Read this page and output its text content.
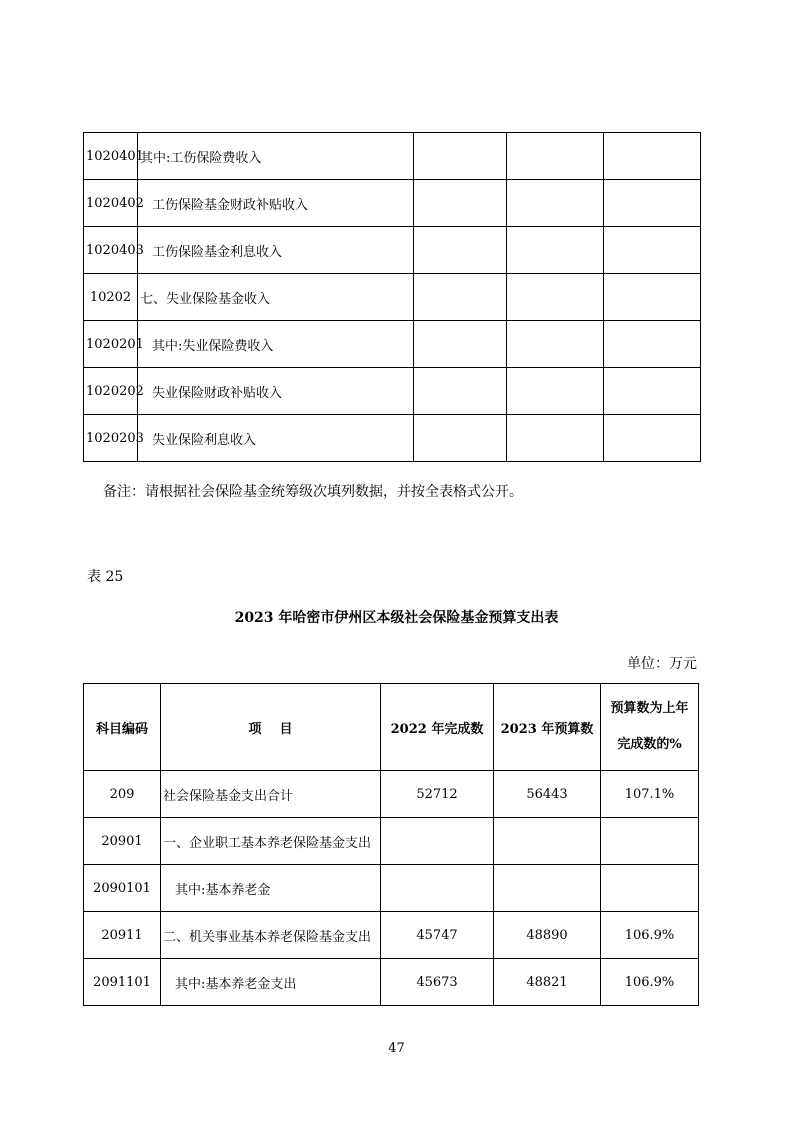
1020401	其中:工伤保险费收入			
1020402	工伤保险基金财政补贴收入			
1020403	工伤保险基金利息收入			
10202	七、失业保险基金收入			
1020201	其中:失业保险费收入			
1020202	失业保险财政补贴收入			
1020203	失业保险利息收入			
备注：请根据社会保险基金统筹级次填列数据，并按全表格式公开。
表 25
2023 年哈密市伊州区本级社会保险基金预算支出表
单位：万元
科目编码	项    目	2022 年完成数	2023 年预算数	预算数为上年
完成数的%

209	社会保险基金支出合计	52712	56443	107.1%
20901	一、企业职工基本养老保险基金支出			
2090101	其中:基本养老金			
20911	二、机关事业基本养老保险基金支出	45747	48890	106.9%
2091101	其中:基本养老金支出	45673	48821	106.9%
47
